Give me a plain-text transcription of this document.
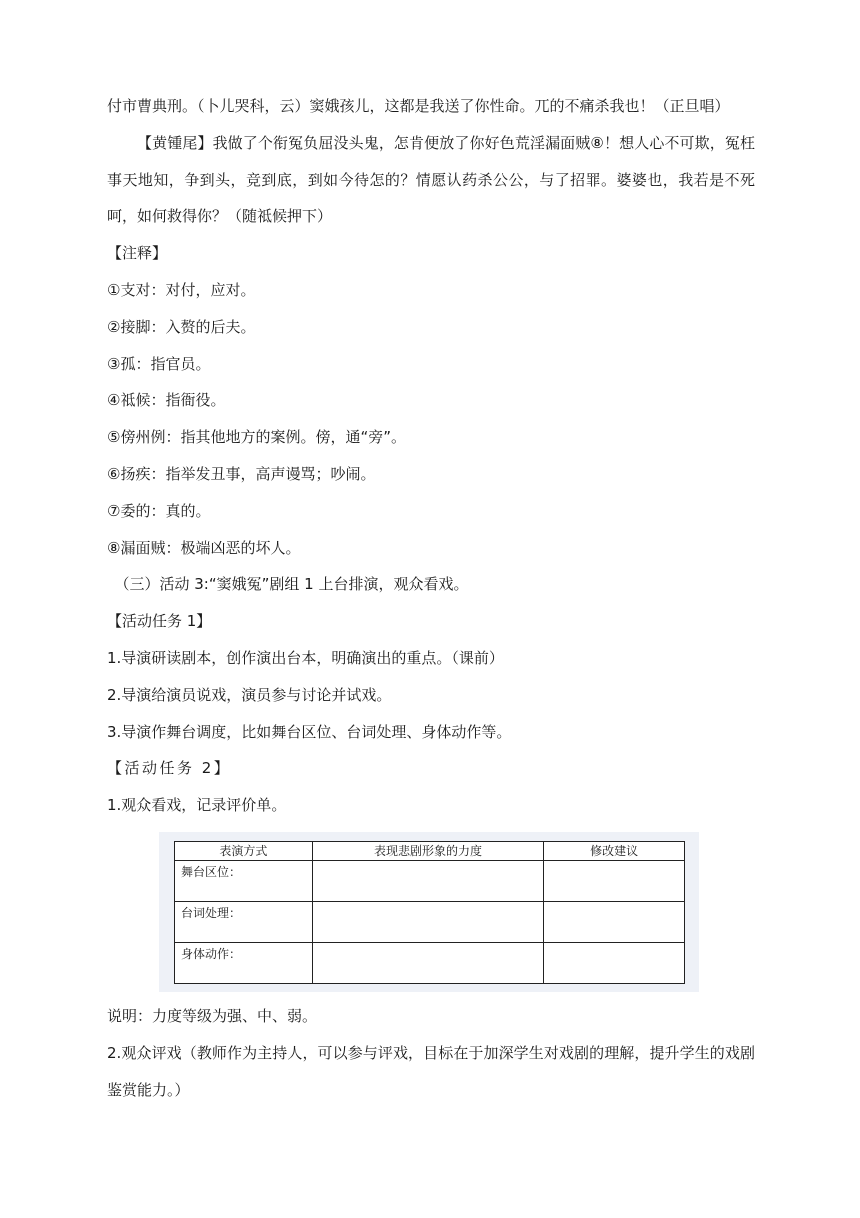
付市曹典刑。（卜儿哭科，云）窦娥孩儿，这都是我送了你性命。兀的不痛杀我也！（正旦唱）

【黄锺尾】我做了个衔冤负屈没头鬼，怎肯便放了你好色荒淫漏面贼⑧！想人心不可欺，冤枉事天地知，争到头，竞到底，到如今待怎的？情愿认药杀公公，与了招罪。婆婆也，我若是不死呵，如何救得你？（随祗候押下）

【注释】

①支对：对付，应对。

②接脚：入赘的后夫。

③孤：指官员。

④祗候：指衙役。

⑤傍州例：指其他地方的案例。傍，通“旁”。

⑥扬疾：指举发丑事，高声谩骂；吵闹。

⑦委的：真的。

⑧漏面贼：极端凶恶的坏人。

（三）活动 3:“窦娥冤”剧组 1 上台排演，观众看戏。

【活动任务 1】

1.导演研读剧本，创作演出台本，明确演出的重点。（课前）

2.导演给演员说戏，演员参与讨论并试戏。

3.导演作舞台调度，比如舞台区位、台词处理、身体动作等。

【活动任务 2】

1.观众看戏，记录评价单。

表演方式	表现悲剧形象的力度	修改建议
舞台区位：		
台词处理：		
身体动作：		

说明：力度等级为强、中、弱。

2.观众评戏（教师作为主持人，可以参与评戏，目标在于加深学生对戏剧的理解，提升学生的戏剧鉴赏能力。）
